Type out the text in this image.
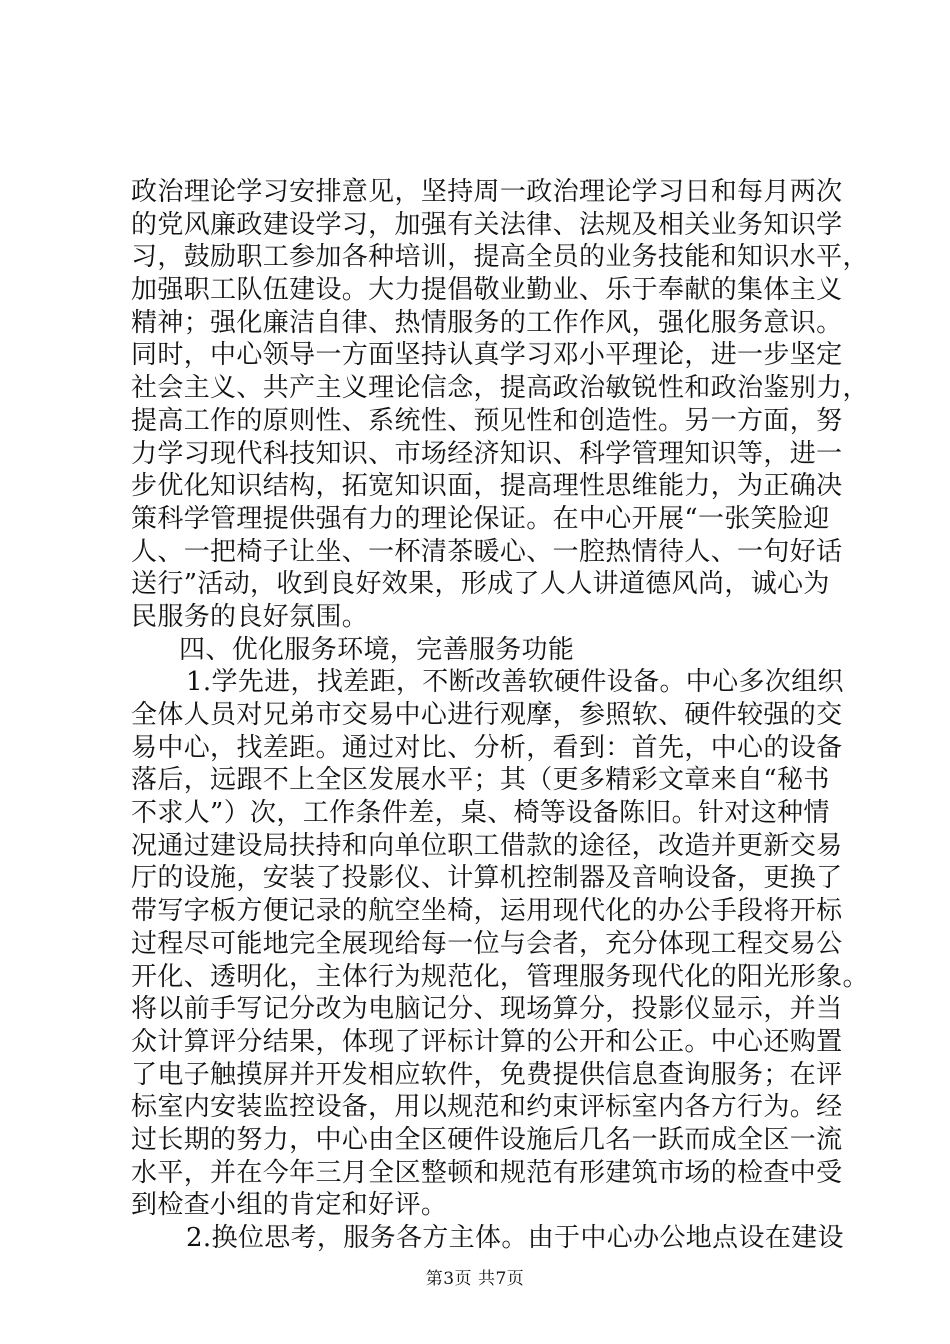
政治理论学习安排意见，坚持周一政治理论学习日和每月两次
的党风廉政建设学习，加强有关法律、法规及相关业务知识学
习，鼓励职工参加各种培训，提高全员的业务技能和知识水平，
加强职工队伍建设。大力提倡敬业勤业、乐于奉献的集体主义
精神；强化廉洁自律、热情服务的工作作风，强化服务意识。
同时，中心领导一方面坚持认真学习邓小平理论，进一步坚定
社会主义、共产主义理论信念，提高政治敏锐性和政治鉴别力，
提高工作的原则性、系统性、预见性和创造性。另一方面，努
力学习现代科技知识、市场经济知识、科学管理知识等，进一
步优化知识结构，拓宽知识面，提高理性思维能力，为正确决
策科学管理提供强有力的理论保证。在中心开展“一张笑脸迎
人、一把椅子让坐、一杯清茶暖心、一腔热情待人、一句好话
送行”活动，收到良好效果，形成了人人讲道德风尚，诚心为
民服务的良好氛围。
四、优化服务环境，完善服务功能
1.学先进，找差距，不断改善软硬件设备。中心多次组织
全体人员对兄弟市交易中心进行观摩，参照软、硬件较强的交
易中心，找差距。通过对比、分析，看到：首先，中心的设备
落后，远跟不上全区发展水平；其（更多精彩文章来自“秘书
不求人”）次，工作条件差，桌、椅等设备陈旧。针对这种情
况通过建设局扶持和向单位职工借款的途径，改造并更新交易
厅的设施，安装了投影仪、计算机控制器及音响设备，更换了
带写字板方便记录的航空坐椅，运用现代化的办公手段将开标
过程尽可能地完全展现给每一位与会者，充分体现工程交易公
开化、透明化，主体行为规范化，管理服务现代化的阳光形象。
将以前手写记分改为电脑记分、现场算分，投影仪显示，并当
众计算评分结果，体现了评标计算的公开和公正。中心还购置
了电子触摸屏并开发相应软件，免费提供信息查询服务；在评
标室内安装监控设备，用以规范和约束评标室内各方行为。经
过长期的努力，中心由全区硬件设施后几名一跃而成全区一流
水平，并在今年三月全区整顿和规范有形建筑市场的检查中受
到检查小组的肯定和好评。
2.换位思考，服务各方主体。由于中心办公地点设在建设
第3页 共7页
